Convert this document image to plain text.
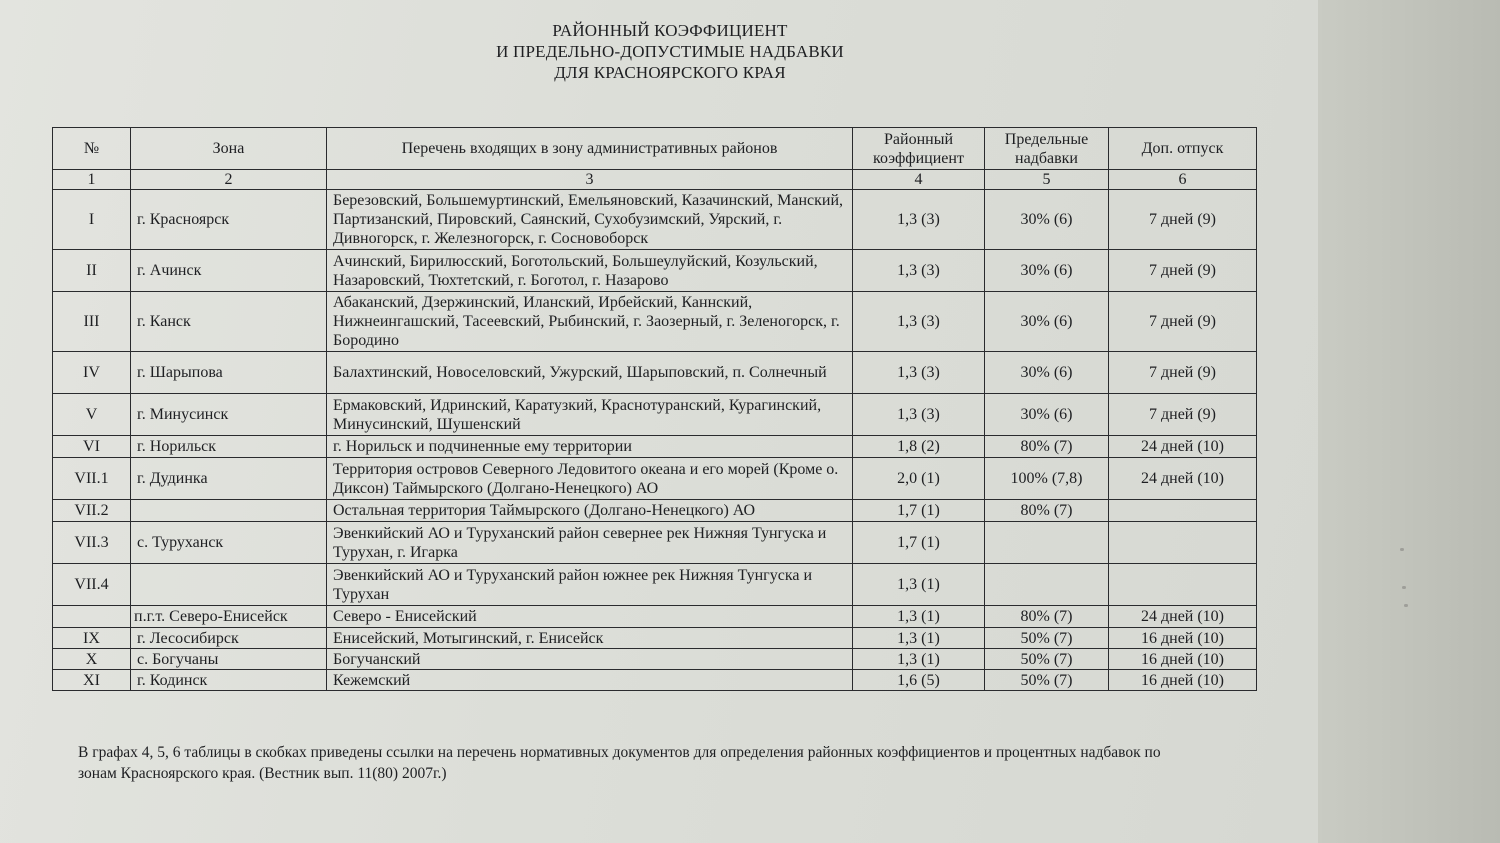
РАЙОННЫЙ КОЭФФИЦИЕНТ
И ПРЕДЕЛЬНО-ДОПУСТИМЫЕ НАДБАВКИ
ДЛЯ КРАСНОЯРСКОГО КРАЯ
№	Зона	Перечень входящих в зону административных районов	Районный коэффициент	Предельные надбавки	Доп. отпуск
1	2	3	4	5	6
I	г. Красноярск	Березовский, Большемуртинский, Емельяновский, Казачинский, Манский, Партизанский, Пировский, Саянский, Сухобузимский, Уярский, г. Дивногорск, г. Железногорск, г. Сосновоборск	1,3 (3)	30% (6)	7 дней (9)
II	г. Ачинск	Ачинский, Бирилюсский, Боготольский, Большеулуйский, Козульский, Назаровский, Тюхтетский, г. Боготол, г. Назарово	1,3 (3)	30% (6)	7 дней (9)
III	г. Канск	Абаканский, Дзержинский, Иланский, Ирбейский, Каннский, Нижнеингашский, Тасеевский, Рыбинский, г. Заозерный, г. Зеленогорск, г. Бородино	1,3 (3)	30% (6)	7 дней (9)
IV	г. Шарыпова	Балахтинский, Новоселовский, Ужурский, Шарыповский, п. Солнечный	1,3 (3)	30% (6)	7 дней (9)
V	г. Минусинск	Ермаковский, Идринский, Каратузкий, Краснотуранский, Курагинский, Минусинский, Шушенский	1,3 (3)	30% (6)	7 дней (9)
VI	г. Норильск	г. Норильск и подчиненные ему территории	1,8 (2)	80% (7)	24 дней (10)
VII.1	г. Дудинка	Территория островов Северного Ледовитого океана и его морей (Кроме о. Диксон) Таймырского (Долгано-Ненецкого) АО	2,0 (1)	100% (7,8)	24 дней (10)
VII.2		Остальная территория Таймырского (Долгано-Ненецкого) АО	1,7 (1)	80% (7)	
VII.3	с. Туруханск	Эвенкийский АО и Туруханский район севернее рек Нижняя Тунгуска и Турухан, г. Игарка	1,7 (1)		
VII.4		Эвенкийский АО и Туруханский район южнее рек Нижняя Тунгуска и Турухан	1,3 (1)		
	п.г.т. Северо-Енисейск	Северо - Енисейский	1,3 (1)	80% (7)	24 дней (10)
IX	г. Лесосибирск	Енисейский, Мотыгинский, г. Енисейск	1,3 (1)	50% (7)	16 дней (10)
X	с. Богучаны	Богучанский	1,3 (1)	50% (7)	16 дней (10)
XI	г. Кодинск	Кежемский	1,6 (5)	50% (7)	16 дней (10)
В графах 4, 5, 6 таблицы в скобках приведены ссылки на перечень нормативных документов для определения районных коэффициентов и процентных надбавок по зонам Красноярского края. (Вестник вып. 11(80) 2007г.)
